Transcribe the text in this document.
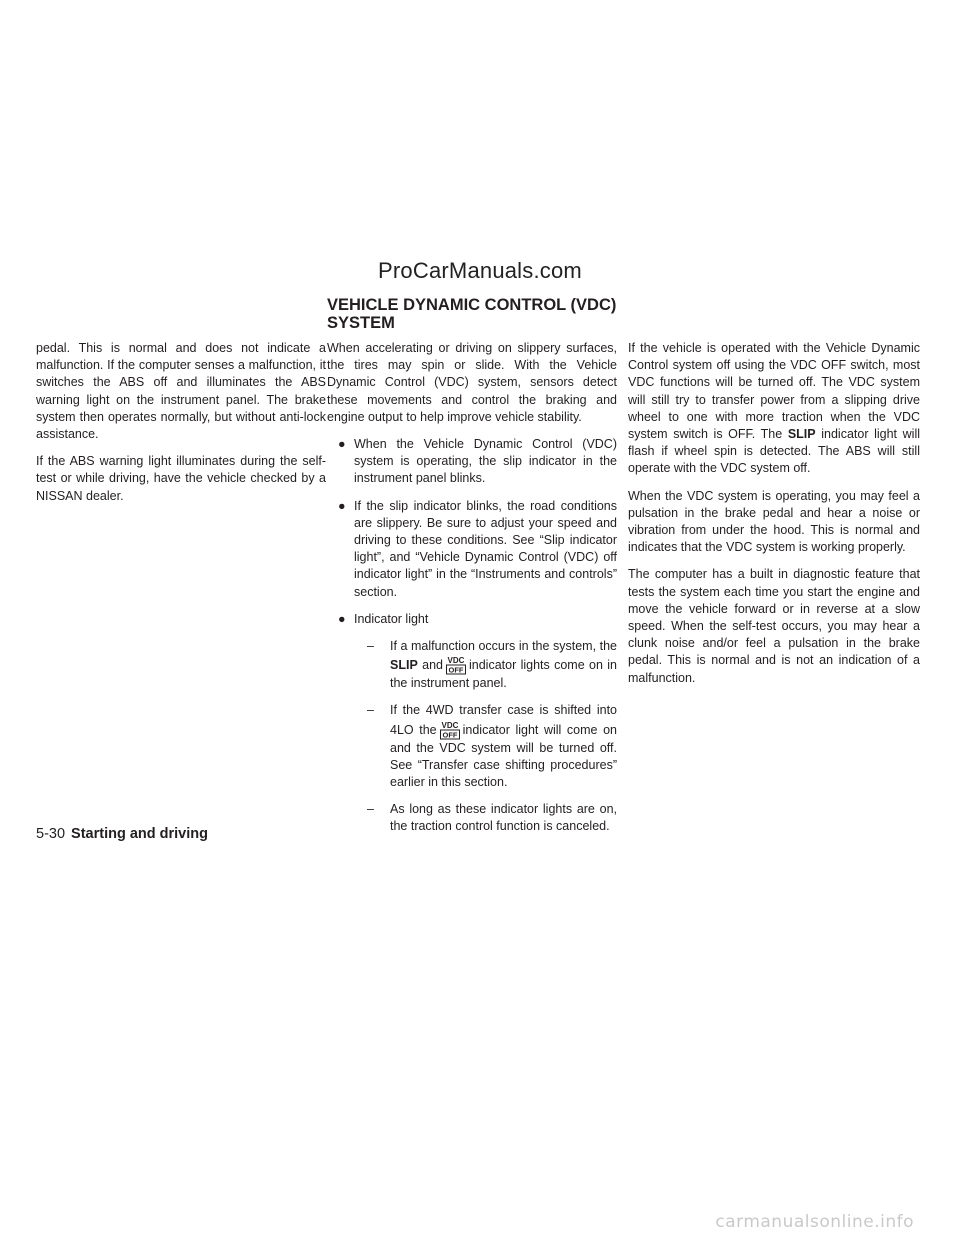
ProCarManuals.com
VEHICLE DYNAMIC CONTROL (VDC)
SYSTEM

pedal. This is normal and does not indicate a malfunction. If the computer senses a malfunction, it switches the ABS off and illuminates the ABS warning light on the instrument panel. The brake system then operates normally, but without anti-lock assistance.

If the ABS warning light illuminates during the self-test or while driving, have the vehicle checked by a NISSAN dealer.

When accelerating or driving on slippery surfaces, the tires may spin or slide. With the Vehicle Dynamic Control (VDC) system, sensors detect these movements and control the braking and engine output to help improve vehicle stability.

● When the Vehicle Dynamic Control (VDC) system is operating, the slip indicator in the instrument panel blinks.
● If the slip indicator blinks, the road conditions are slippery. Be sure to adjust your speed and driving to these conditions. See “Slip indicator light”, and “Vehicle Dynamic Control (VDC) off indicator light” in the “Instruments and controls” section.
● Indicator light
– If a malfunction occurs in the system, the SLIP and VDC
OFF indicator lights come on in the instrument panel.
– If the 4WD transfer case is shifted into 4LO the VDC
OFF indicator light will come on and the VDC system will be turned off. See “Transfer case shifting procedures” earlier in this section.
– As long as these indicator lights are on, the traction control function is canceled.

If the vehicle is operated with the Vehicle Dynamic Control system off using the VDC OFF switch, most VDC functions will be turned off. The VDC system will still try to transfer power from a slipping drive wheel to one with more traction when the VDC system switch is OFF. The SLIP indicator light will flash if wheel spin is detected. The ABS will still operate with the VDC system off.

When the VDC system is operating, you may feel a pulsation in the brake pedal and hear a noise or vibration from under the hood. This is normal and indicates that the VDC system is working properly.

The computer has a built in diagnostic feature that tests the system each time you start the engine and move the vehicle forward or in reverse at a slow speed. When the self-test occurs, you may hear a clunk noise and/or feel a pulsation in the brake pedal. This is normal and is not an indication of a malfunction.

5-30 Starting and driving
carmanualsonline.info
